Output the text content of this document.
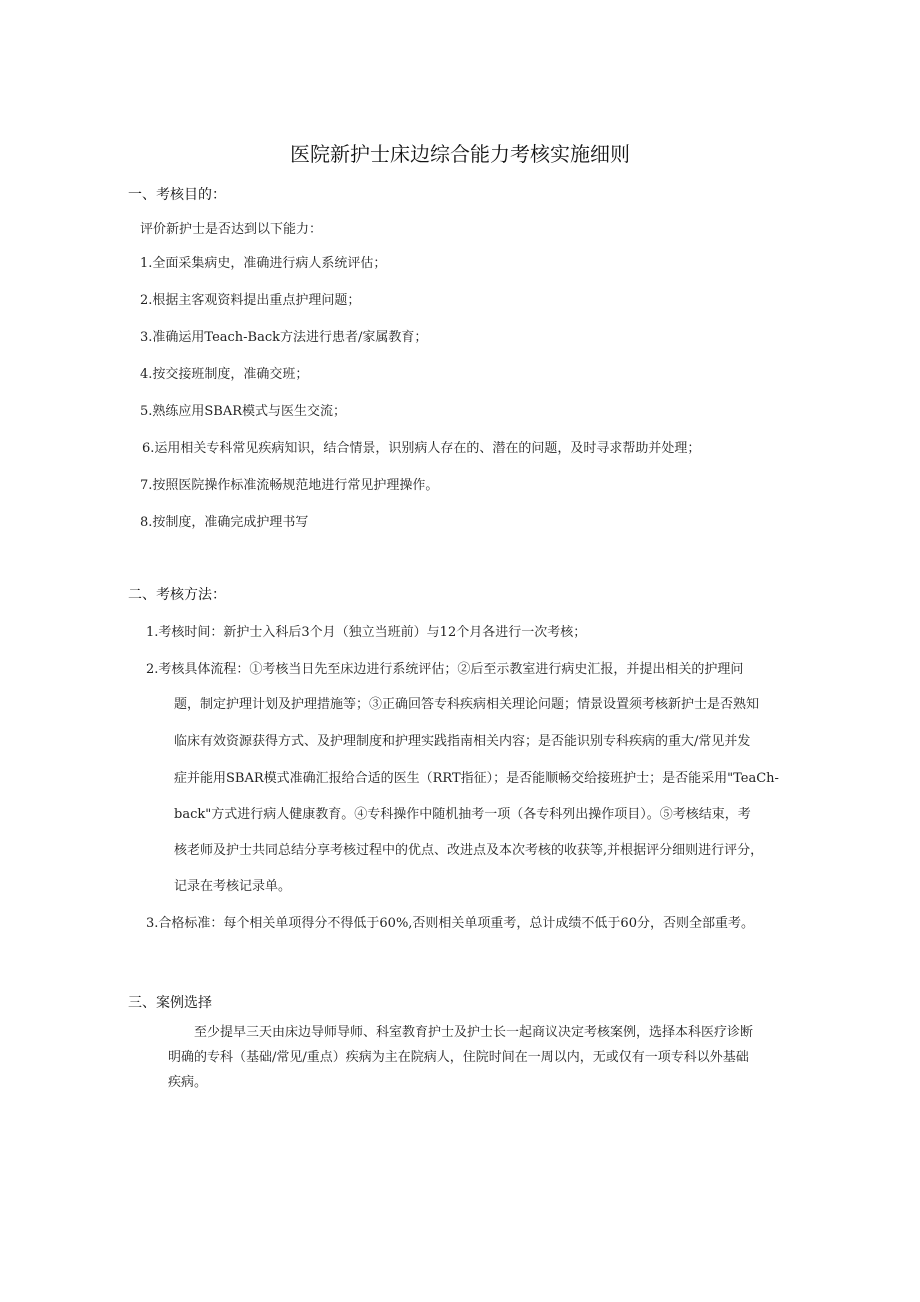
医院新护士床边综合能力考核实施细则
一、考核目的：
评价新护士是否达到以下能力：
1.全面采集病史，准确进行病人系统评估；
2.根据主客观资料提出重点护理问题；
3.准确运用Teach-Back方法进行患者/家属教育；
4.按交接班制度，准确交班；
5.熟练应用SBAR模式与医生交流；
6.运用相关专科常见疾病知识，结合情景，识别病人存在的、潜在的问题，及时寻求帮助并处理；
7.按照医院操作标准流畅规范地进行常见护理操作。
8.按制度，准确完成护理书写
二、考核方法：
1.考核时间：新护士入科后3个月（独立当班前）与12个月各进行一次考核；
2.考核具体流程：①考核当日先至床边进行系统评估；②后至示教室进行病史汇报，并提出相关的护理问
题，制定护理计划及护理措施等；③正确回答专科疾病相关理论问题；情景设置须考核新护士是否熟知
临床有效资源获得方式、及护理制度和护理实践指南相关内容；是否能识别专科疾病的重大/常见并发
症并能用SBAR模式准确汇报给合适的医生（RRT指征）；是否能顺畅交给接班护士；是否能采用"TeaCh-
back"方式进行病人健康教育。④专科操作中随机抽考一项（各专科列出操作项目）。⑤考核结束，考
核老师及护士共同总结分享考核过程中的优点、改进点及本次考核的收获等,并根据评分细则进行评分，
记录在考核记录单。
3.合格标准：每个相关单项得分不得低于60%,否则相关单项重考，总计成绩不低于60分，否则全部重考。
三、案例选择
至少提早三天由床边导师导师、科室教育护士及护士长一起商议决定考核案例，选择本科医疗诊断
明确的专科（基础/常见/重点）疾病为主在院病人，住院时间在一周以内，无或仅有一项专科以外基础
疾病。
